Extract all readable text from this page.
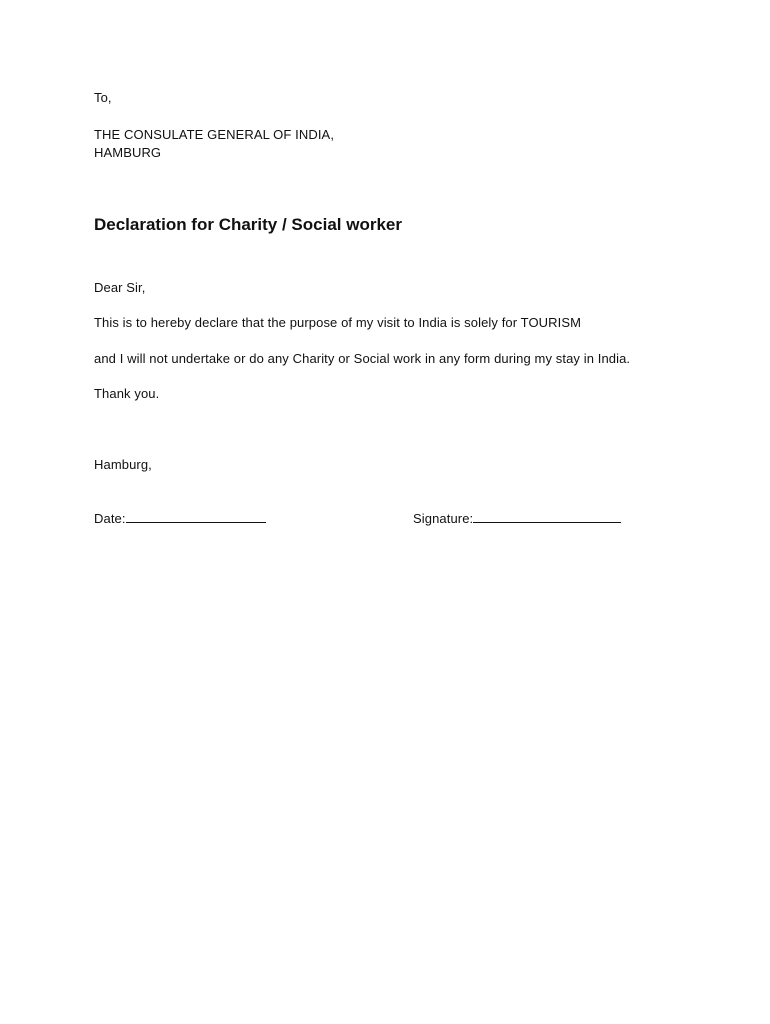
To,
THE CONSULATE GENERAL OF INDIA,
HAMBURG
Declaration for Charity / Social worker
Dear Sir,
This is to hereby declare that the purpose of my visit to India is solely for TOURISM
and I will not undertake or do any Charity or Social work in any form during my stay in India.
Thank you.
Hamburg,
Date:	Signature:
